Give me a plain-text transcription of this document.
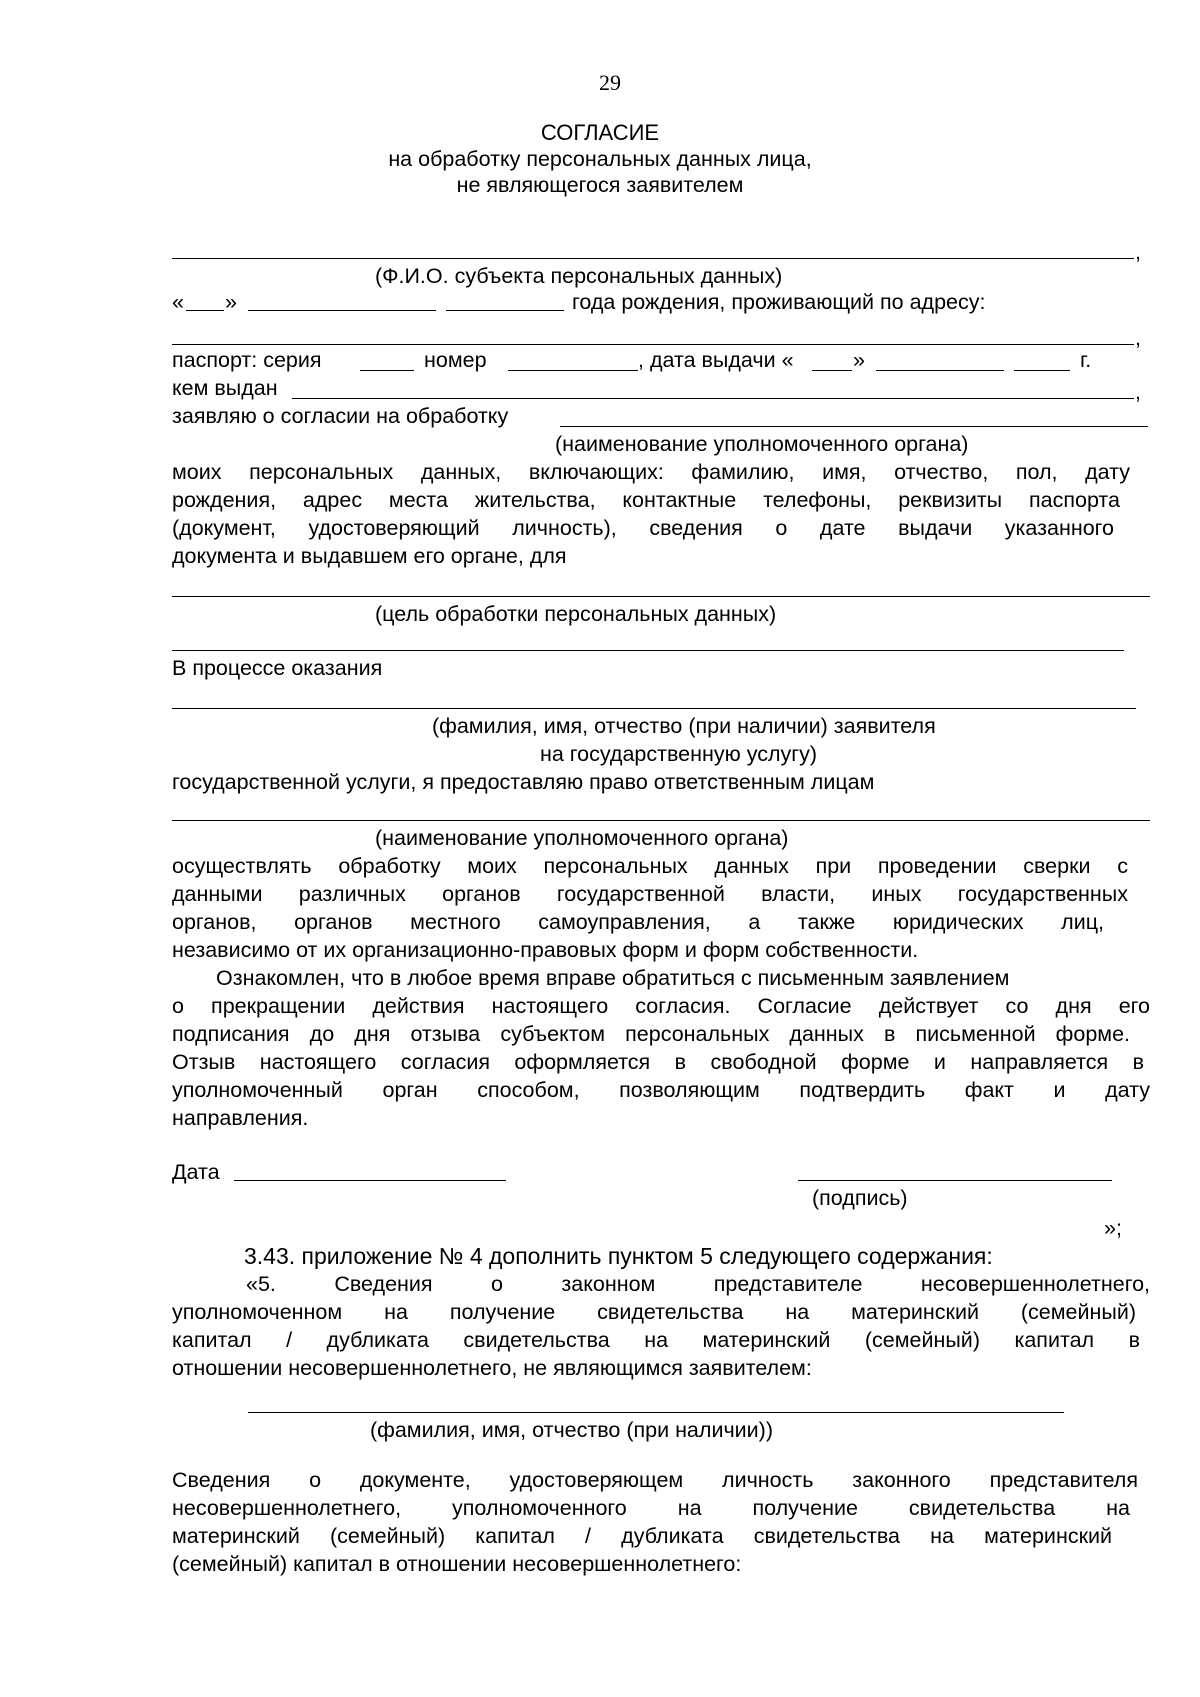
29
СОГЛАСИЕ
на обработку персональных данных лица,
не являющегося заявителем
,
(Ф.И.О. субъекта персональных данных)
« »	года рождения, проживающий по адресу:
,
паспорт: серия	номер	, дата выдачи «	»	г.
кем выдан	,
заявляю о согласии на обработку
(наименование уполномоченного органа)
моих персональных данных, включающих: фамилию, имя, отчество, пол, дату
рождения, адрес места жительства, контактные телефоны, реквизиты паспорта
(документ, удостоверяющий личность), сведения о дате выдачи указанного
документа и выдавшем его органе, для
(цель обработки персональных данных)
В процессе оказания
(фамилия, имя, отчество (при наличии) заявителя
на государственную услугу)
государственной услуги, я предоставляю право ответственным лицам
(наименование уполномоченного органа)
осуществлять обработку моих персональных данных при проведении сверки с
данными различных органов государственной власти, иных государственных
органов, органов местного самоуправления, а также юридических лиц,
независимо от их организационно-правовых форм и форм собственности.
Ознакомлен, что в любое время вправе обратиться с письменным заявлением
о прекращении действия настоящего согласия. Согласие действует со дня его
подписания до дня отзыва субъектом персональных данных в письменной форме.
Отзыв настоящего согласия оформляется в свободной форме и направляется в
уполномоченный орган способом, позволяющим подтвердить факт и дату
направления.
Дата
(подпись)
»;
3.43. приложение № 4 дополнить пунктом 5 следующего содержания:
«5. Сведения о законном представителе несовершеннолетнего,
уполномоченном на получение свидетельства на материнский (семейный)
капитал / дубликата свидетельства на материнский (семейный) капитал в
отношении несовершеннолетнего, не являющимся заявителем:
(фамилия, имя, отчество (при наличии))
Сведения о документе, удостоверяющем личность законного представителя
несовершеннолетнего, уполномоченного на получение свидетельства на
материнский (семейный) капитал / дубликата свидетельства на материнский
(семейный) капитал в отношении несовершеннолетнего:
